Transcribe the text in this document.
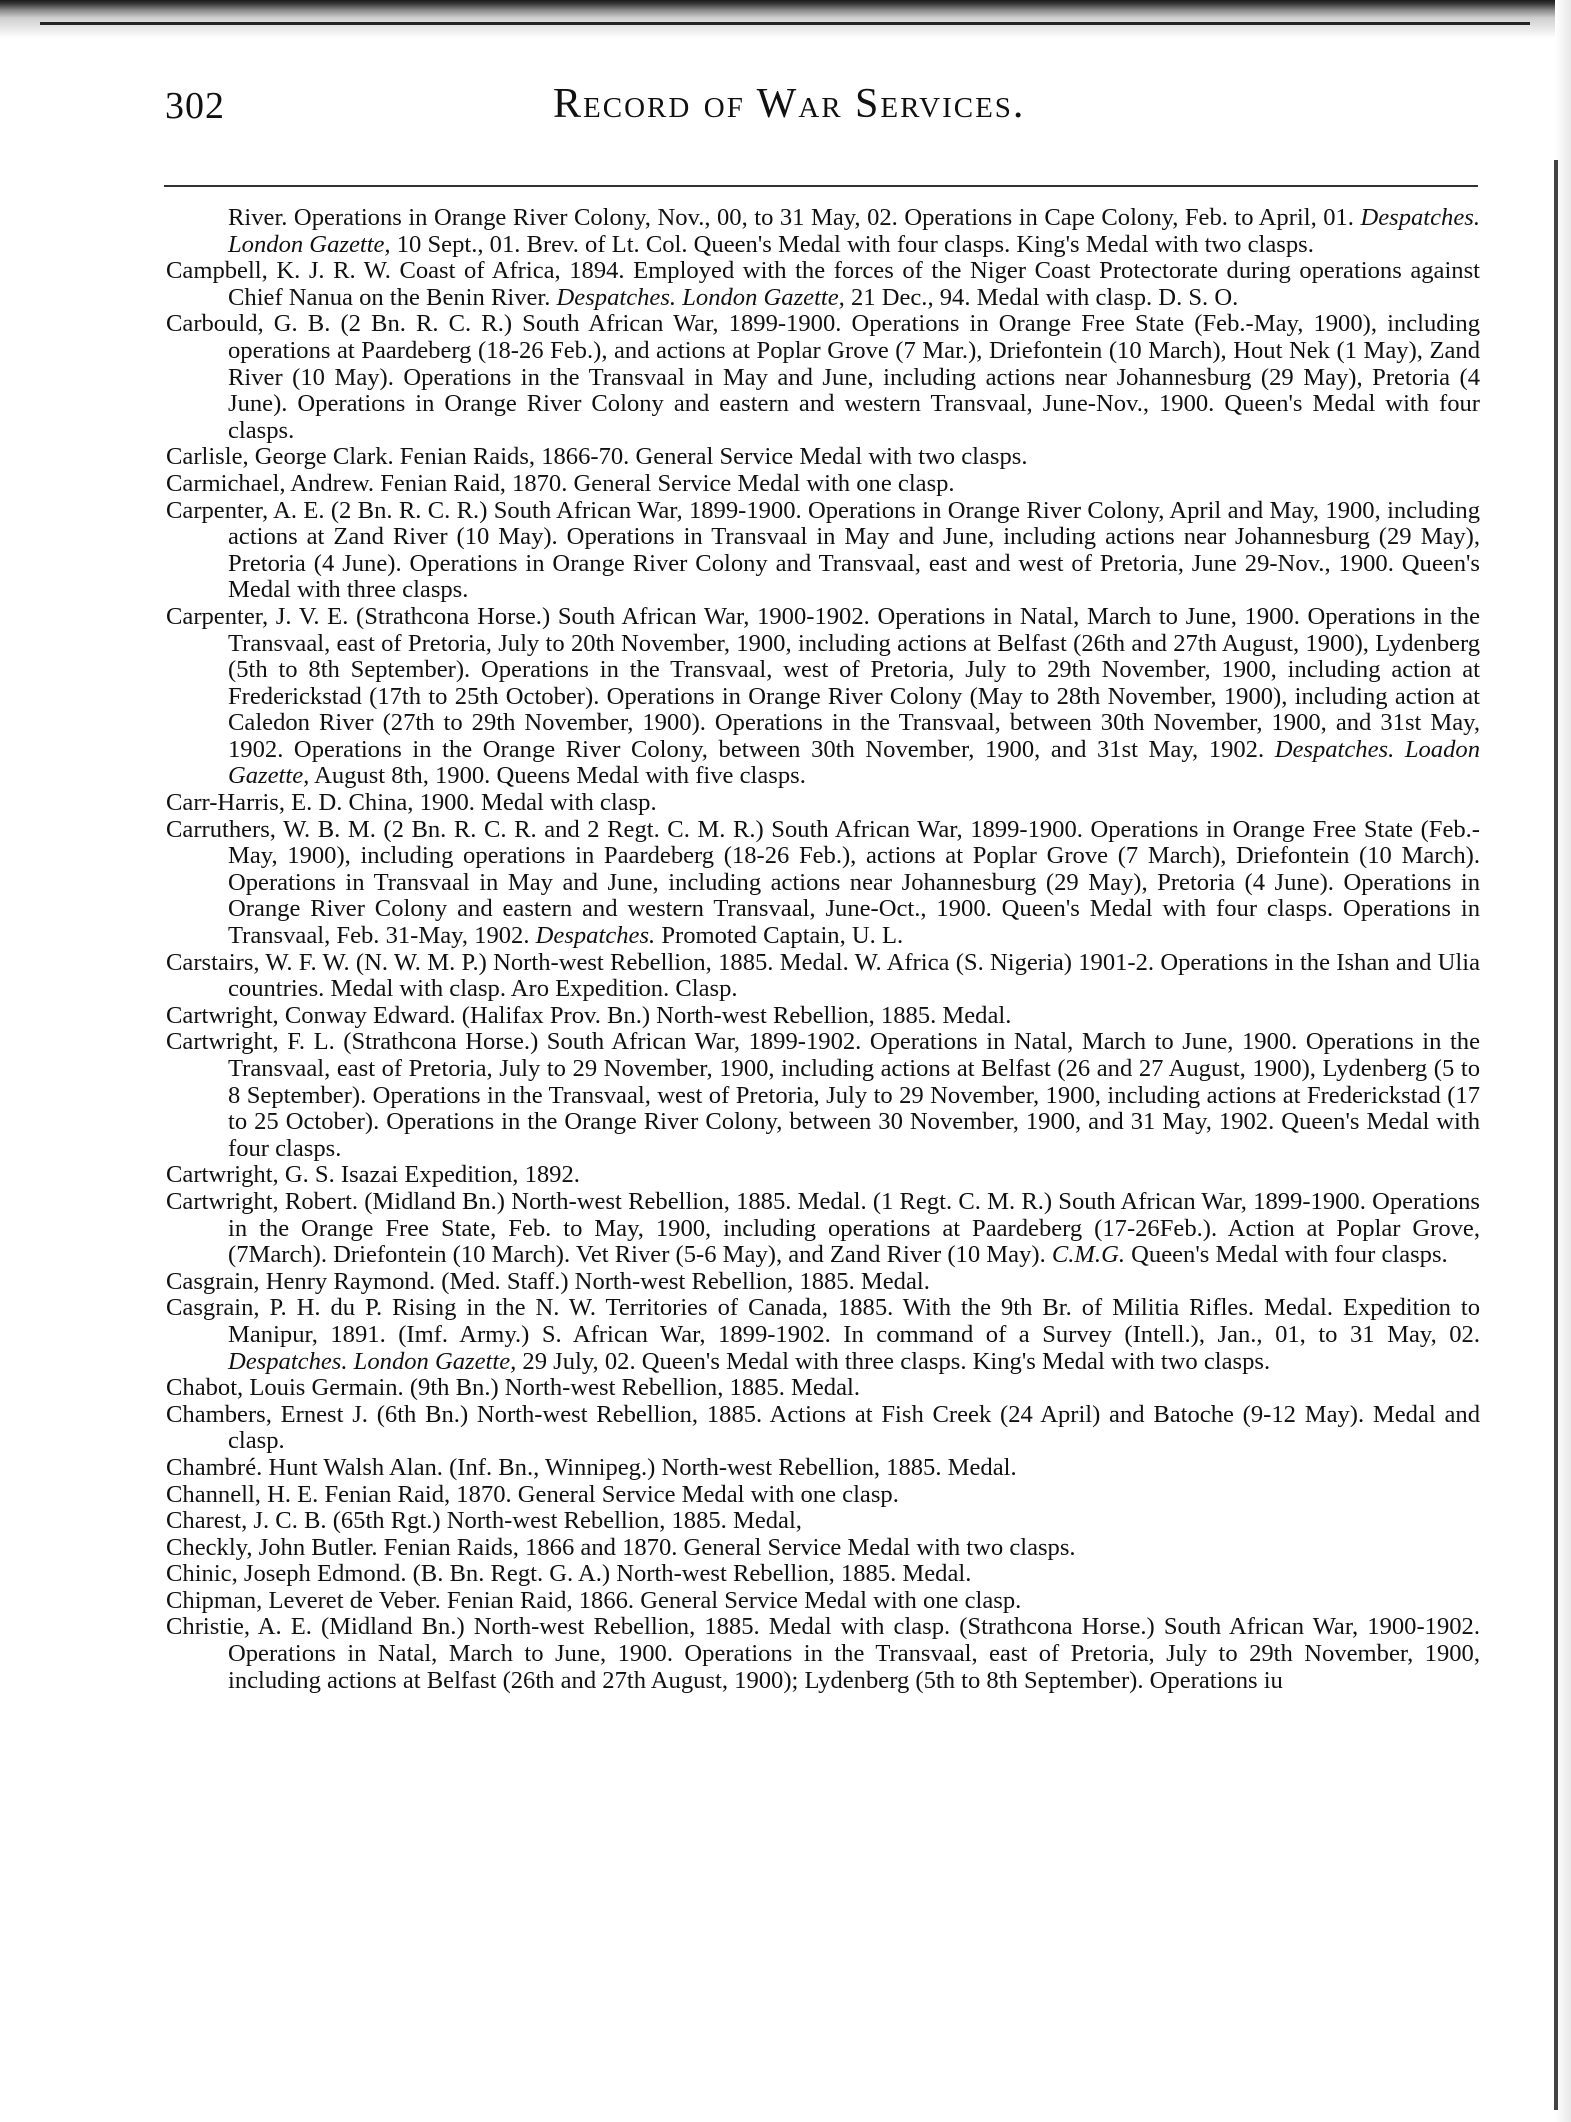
302	Record of War Services.

River. Operations in Orange River Colony, Nov., 00, to 31 May, 02. Operations in Cape Colony, Feb. to April, 01. Despatches. London Gazette, 10 Sept., 01. Brev. of Lt. Col. Queen's Medal with four clasps. King's Medal with two clasps.

Campbell, K. J. R. W. Coast of Africa, 1894. Employed with the forces of the Niger Coast Protectorate during operations against Chief Nanua on the Benin River. Despatches. London Gazette, 21 Dec., 94. Medal with clasp. D. S. O.

Carbould, G. B. (2 Bn. R. C. R.) South African War, 1899-1900. Operations in Orange Free State (Feb.-May, 1900), including operations at Paardeberg (18-26 Feb.), and actions at Poplar Grove (7 Mar.), Driefontein (10 March), Hout Nek (1 May), Zand River (10 May). Operations in the Transvaal in May and June, including actions near Johannesburg (29 May), Pretoria (4 June). Operations in Orange River Colony and eastern and western Transvaal, June-Nov., 1900. Queen's Medal with four clasps.

Carlisle, George Clark. Fenian Raids, 1866-70. General Service Medal with two clasps.

Carmichael, Andrew. Fenian Raid, 1870. General Service Medal with one clasp.

Carpenter, A. E. (2 Bn. R. C. R.) South African War, 1899-1900. Operations in Orange River Colony, April and May, 1900, including actions at Zand River (10 May). Operations in Transvaal in May and June, including actions near Johannesburg (29 May), Pretoria (4 June). Operations in Orange River Colony and Transvaal, east and west of Pretoria, June 29-Nov., 1900. Queen's Medal with three clasps.

Carpenter, J. V. E. (Strathcona Horse.) South African War, 1900-1902. Operations in Natal, March to June, 1900. Operations in the Transvaal, east of Pretoria, July to 20th November, 1900, including actions at Belfast (26th and 27th August, 1900), Lydenberg (5th to 8th September). Operations in the Transvaal, west of Pretoria, July to 29th November, 1900, including action at Frederickstad (17th to 25th October). Operations in Orange River Colony (May to 28th November, 1900), including action at Caledon River (27th to 29th November, 1900). Operations in the Transvaal, between 30th November, 1900, and 31st May, 1902. Operations in the Orange River Colony, between 30th November, 1900, and 31st May, 1902. Despatches. Loadon Gazette, August 8th, 1900. Queens Medal with five clasps.

Carr-Harris, E. D. China, 1900. Medal with clasp.

Carruthers, W. B. M. (2 Bn. R. C. R. and 2 Regt. C. M. R.) South African War, 1899-1900. Operations in Orange Free State (Feb.-May, 1900), including operations in Paardeberg (18-26 Feb.), actions at Poplar Grove (7 March), Driefontein (10 March). Operations in Transvaal in May and June, including actions near Johannesburg (29 May), Pretoria (4 June). Operations in Orange River Colony and eastern and western Transvaal, June-Oct., 1900. Queen's Medal with four clasps. Operations in Transvaal, Feb. 31-May, 1902. Despatches. Promoted Captain, U. L.

Carstairs, W. F. W. (N. W. M. P.) North-west Rebellion, 1885. Medal. W. Africa (S. Nigeria) 1901-2. Operations in the Ishan and Ulia countries. Medal with clasp. Aro Expedition. Clasp.

Cartwright, Conway Edward. (Halifax Prov. Bn.) North-west Rebellion, 1885. Medal.

Cartwright, F. L. (Strathcona Horse.) South African War, 1899-1902. Operations in Natal, March to June, 1900. Operations in the Transvaal, east of Pretoria, July to 29 November, 1900, including actions at Belfast (26 and 27 August, 1900), Lydenberg (5 to 8 September). Operations in the Transvaal, west of Pretoria, July to 29 November, 1900, including actions at Frederickstad (17 to 25 October). Operations in the Orange River Colony, between 30 November, 1900, and 31 May, 1902. Queen's Medal with four clasps.

Cartwright, G. S. Isazai Expedition, 1892.

Cartwright, Robert. (Midland Bn.) North-west Rebellion, 1885. Medal. (1 Regt. C. M. R.) South African War, 1899-1900. Operations in the Orange Free State, Feb. to May, 1900, including operations at Paardeberg (17-26Feb.). Action at Poplar Grove, (7March). Driefontein (10 March). Vet River (5-6 May), and Zand River (10 May). C.M.G. Queen's Medal with four clasps.

Casgrain, Henry Raymond. (Med. Staff.) North-west Rebellion, 1885. Medal.

Casgrain, P. H. du P. Rising in the N. W. Territories of Canada, 1885. With the 9th Br. of Militia Rifles. Medal. Expedition to Manipur, 1891. (Imf. Army.) S. African War, 1899-1902. In command of a Survey (Intell.), Jan., 01, to 31 May, 02. Despatches. London Gazette, 29 July, 02. Queen's Medal with three clasps. King's Medal with two clasps.

Chabot, Louis Germain. (9th Bn.) North-west Rebellion, 1885. Medal.

Chambers, Ernest J. (6th Bn.) North-west Rebellion, 1885. Actions at Fish Creek (24 April) and Batoche (9-12 May). Medal and clasp.

Chambré. Hunt Walsh Alan. (Inf. Bn., Winnipeg.) North-west Rebellion, 1885. Medal.

Channell, H. E. Fenian Raid, 1870. General Service Medal with one clasp.

Charest, J. C. B. (65th Rgt.) North-west Rebellion, 1885. Medal,

Checkly, John Butler. Fenian Raids, 1866 and 1870. General Service Medal with two clasps.

Chinic, Joseph Edmond. (B. Bn. Regt. G. A.) North-west Rebellion, 1885. Medal.

Chipman, Leveret de Veber. Fenian Raid, 1866. General Service Medal with one clasp.

Christie, A. E. (Midland Bn.) North-west Rebellion, 1885. Medal with clasp. (Strathcona Horse.) South African War, 1900-1902. Operations in Natal, March to June, 1900. Operations in the Transvaal, east of Pretoria, July to 29th November, 1900, including actions at Belfast (26th and 27th August, 1900); Lydenberg (5th to 8th September). Operations iu
